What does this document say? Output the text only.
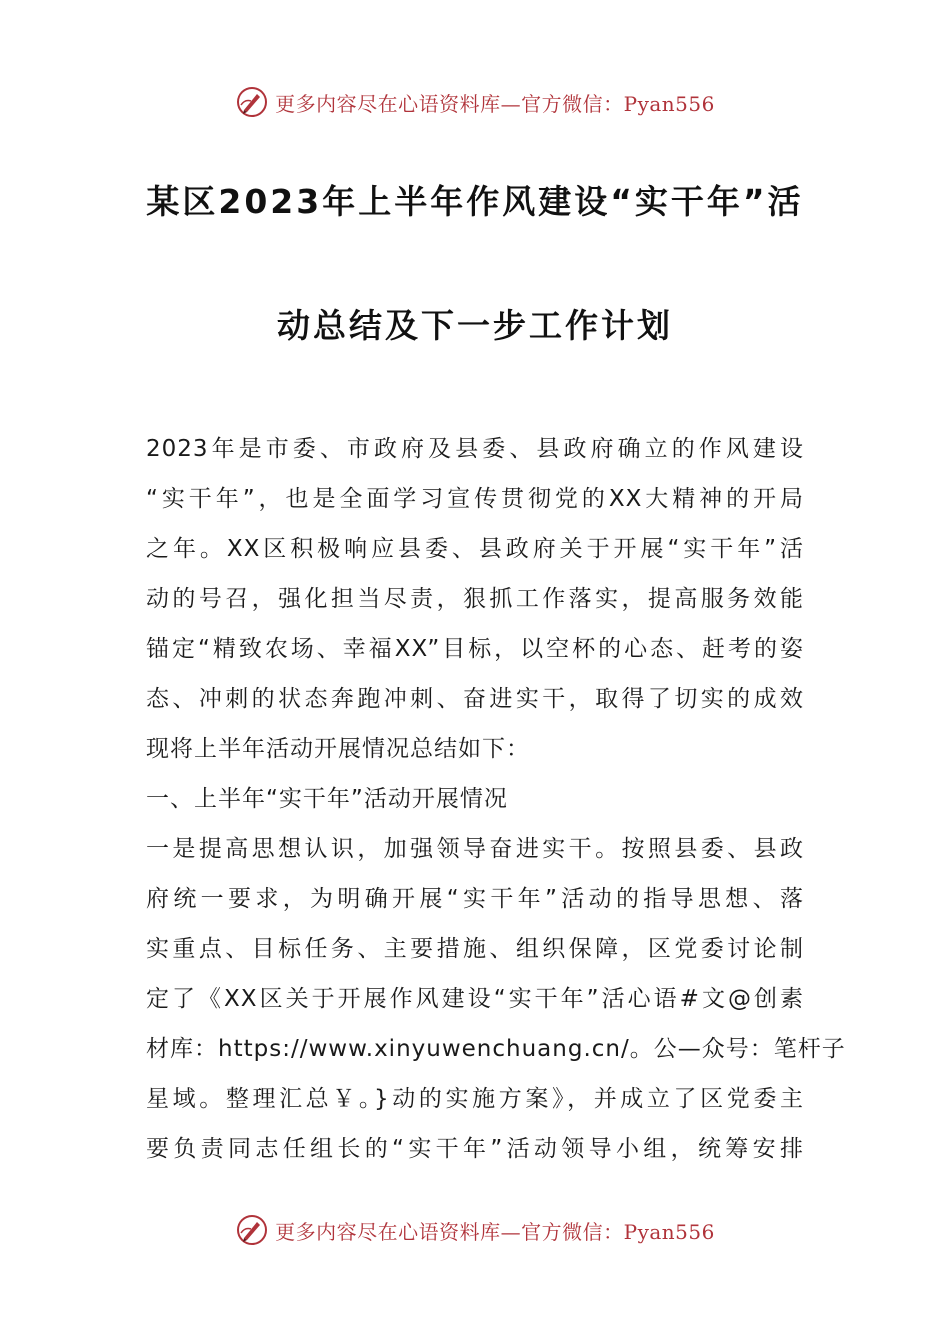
更多内容尽在心语资料库—官方微信：Pyan556
某区2023年上半年作风建设“实干年”活
动总结及下一步工作计划
2023年是市委、市政府及县委、县政府确立的作风建设
“实干年”，也是全面学习宣传贯彻党的XX大精神的开局
之年。XX区积极响应县委、县政府关于开展“实干年”活
动的号召，强化担当尽责，狠抓工作落实，提高服务效能
锚定“精致农场、幸福XX”目标，以空杯的心态、赶考的姿
态、冲刺的状态奔跑冲刺、奋进实干，取得了切实的成效
现将上半年活动开展情况总结如下：
一、上半年“实干年”活动开展情况
一是提高思想认识，加强领导奋进实干。按照县委、县政
府统一要求，为明确开展“实干年”活动的指导思想、落
实重点、目标任务、主要措施、组织保障，区党委讨论制
定了《XX区关于开展作风建设“实干年”活心语#文@创素
材库：https://www.xinyuwenchuang.cn/。公—众号：笔杆子
星域。整理汇总￥。}动的实施方案》，并成立了区党委主
要负责同志任组长的“实干年”活动领导小组，统筹安排
更多内容尽在心语资料库—官方微信：Pyan556
